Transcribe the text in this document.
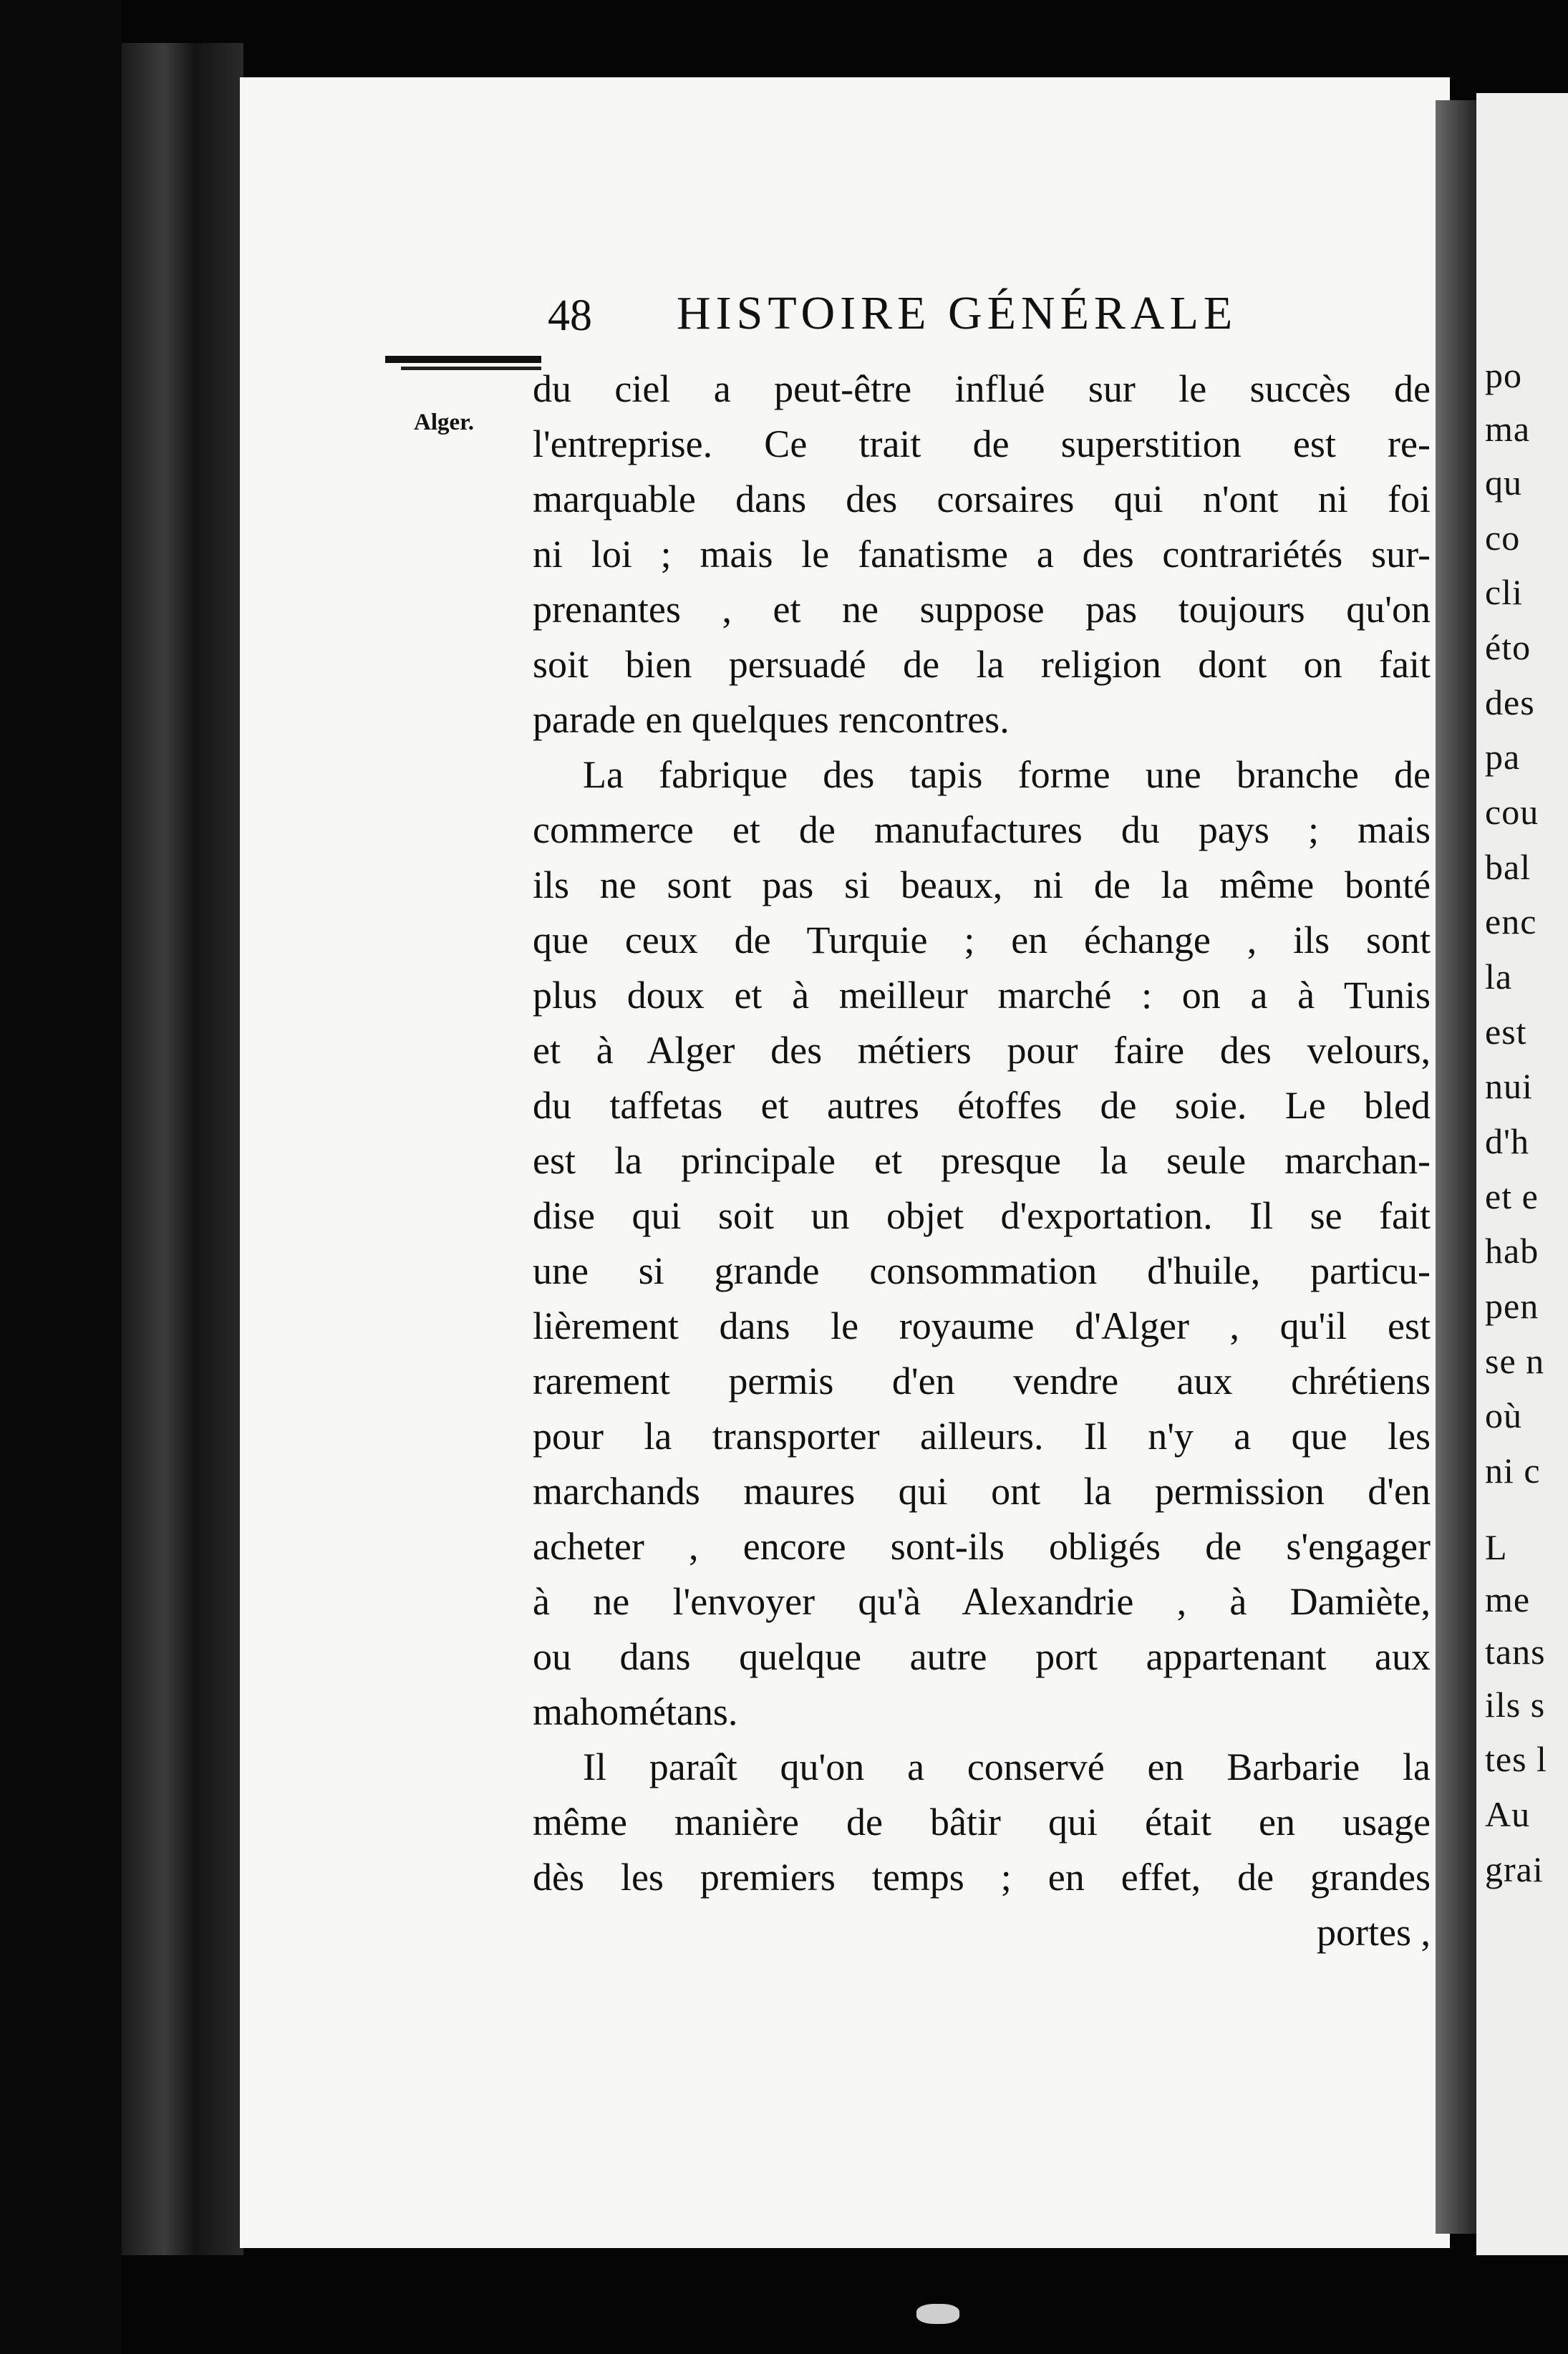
po
ma
qu
co
cli
éto
des
pa
cou
bal
enc
la
est
nui
d'h
et e
hab
pen
se n
où
ni c
L
me
tans
ils s
tes l
Au
grai
48 HISTOIRE GÉNÉRALE
Alger.
du ciel a peut-être influé sur le succès de
l'entreprise. Ce trait de superstition est re-
marquable dans des corsaires qui n'ont ni foi
ni loi ; mais le fanatisme a des contrariétés sur-
prenantes , et ne suppose pas toujours qu'on
soit bien persuadé de la religion dont on fait
parade en quelques rencontres.
La fabrique des tapis forme une branche de
commerce et de manufactures du pays ; mais
ils ne sont pas si beaux, ni de la même bonté
que ceux de Turquie ; en échange , ils sont
plus doux et à meilleur marché : on a à Tunis
et à Alger des métiers pour faire des velours,
du taffetas et autres étoffes de soie. Le bled
est la principale et presque la seule marchan-
dise qui soit un objet d'exportation. Il se fait
une si grande consommation d'huile, particu-
lièrement dans le royaume d'Alger , qu'il est
rarement permis d'en vendre aux chrétiens
pour la transporter ailleurs. Il n'y a que les
marchands maures qui ont la permission d'en
acheter , encore sont-ils obligés de s'engager
à ne l'envoyer qu'à Alexandrie , à Damiète,
ou dans quelque autre port appartenant aux
mahométans.
Il paraît qu'on a conservé en Barbarie la
même manière de bâtir qui était en usage
dès les premiers temps ; en effet, de grandes
portes ,
